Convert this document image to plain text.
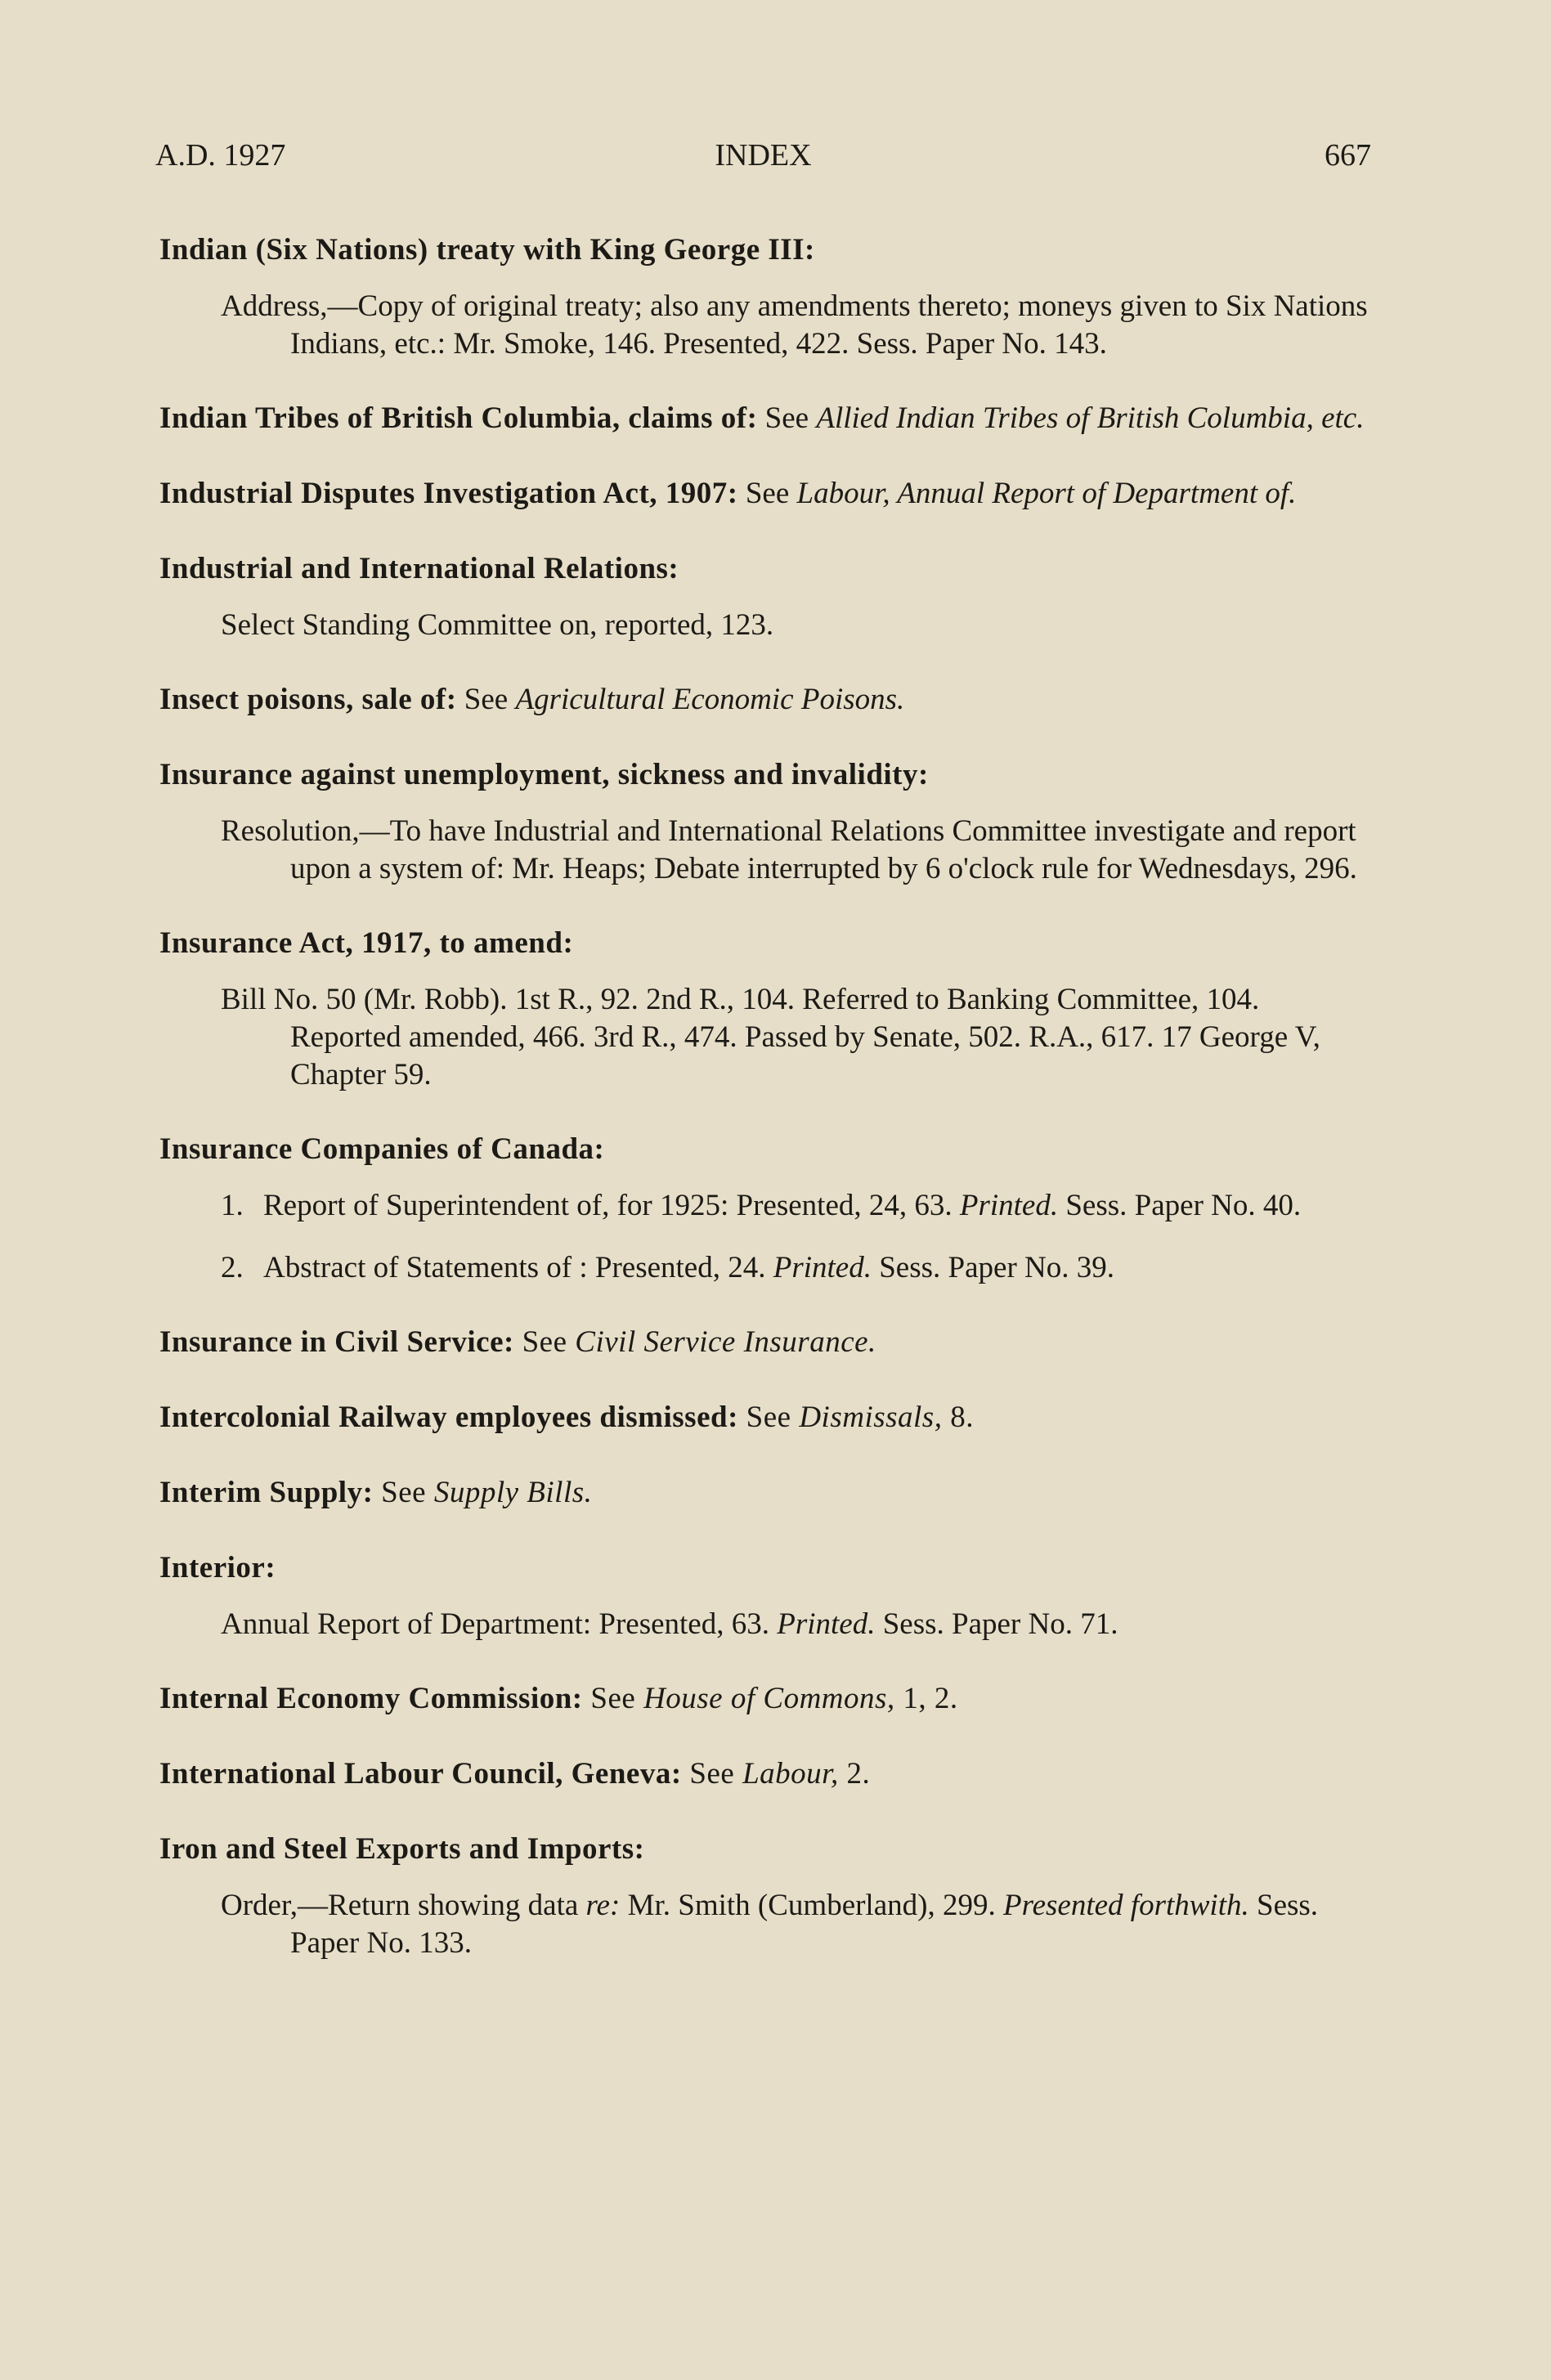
A.D. 1927	INDEX	667
Indian (Six Nations) treaty with King George III:
Address,—Copy of original treaty; also any amendments thereto; moneys given to Six Nations Indians, etc.: Mr. Smoke, 146. Presented, 422. Sess. Paper No. 143.
Indian Tribes of British Columbia, claims of: See Allied Indian Tribes of British Columbia, etc.
Industrial Disputes Investigation Act, 1907: See Labour, Annual Report of Department of.
Industrial and International Relations:
Select Standing Committee on, reported, 123.
Insect poisons, sale of: See Agricultural Economic Poisons.
Insurance against unemployment, sickness and invalidity:
Resolution,—To have Industrial and International Relations Committee investigate and report upon a system of: Mr. Heaps; Debate interrupted by 6 o'clock rule for Wednesdays, 296.
Insurance Act, 1917, to amend:
Bill No. 50 (Mr. Robb). 1st R., 92. 2nd R., 104. Referred to Banking Committee, 104. Reported amended, 466. 3rd R., 474. Passed by Senate, 502. R.A., 617. 17 George V, Chapter 59.
Insurance Companies of Canada:
1. Report of Superintendent of, for 1925: Presented, 24, 63. Printed. Sess. Paper No. 40.
2. Abstract of Statements of : Presented, 24. Printed. Sess. Paper No. 39.
Insurance in Civil Service: See Civil Service Insurance.
Intercolonial Railway employees dismissed: See Dismissals, 8.
Interim Supply: See Supply Bills.
Interior:
Annual Report of Department: Presented, 63. Printed. Sess. Paper No. 71.
Internal Economy Commission: See House of Commons, 1, 2.
International Labour Council, Geneva: See Labour, 2.
Iron and Steel Exports and Imports:
Order,—Return showing data re: Mr. Smith (Cumberland), 299. Presented forthwith. Sess. Paper No. 133.
